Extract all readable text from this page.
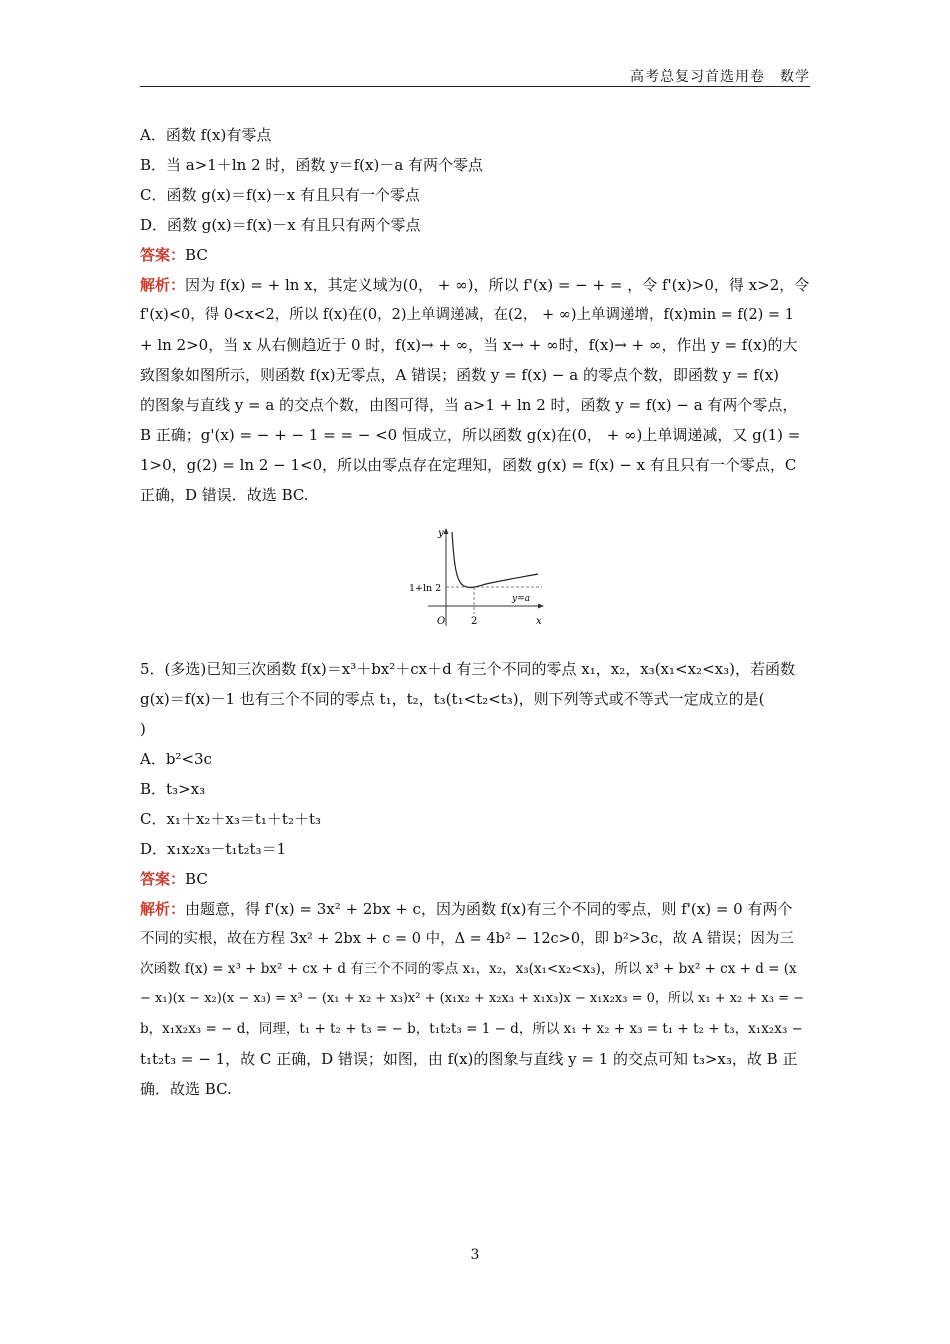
高考总复习首选用卷　数学
A．函数 f(x)有零点
B．当 a>1＋ln 2 时，函数 y＝f(x)－a 有两个零点
C．函数 g(x)＝f(x)－x 有且只有一个零点
D．函数 g(x)＝f(x)－x 有且只有两个零点
答案：BC
解析：因为 f(x) = + ln x，其定义域为(0， + ∞)，所以 f'(x) = − + = ，令 f'(x)>0，得 x>2，令
f'(x)<0，得 0<x<2，所以 f(x)在(0，2)上单调递减，在(2， + ∞)上单调递增，f(x)min = f(2) = 1
+ ln 2>0，当 x 从右侧趋近于 0 时，f(x)→ + ∞，当 x→ + ∞时，f(x)→ + ∞，作出 y = f(x)的大
致图象如图所示，则函数 f(x)无零点，A 错误；函数 y = f(x) − a 的零点个数，即函数 y = f(x)
的图象与直线 y = a 的交点个数，由图可得，当 a>1 + ln 2 时，函数 y = f(x) − a 有两个零点，
B 正确；g'(x) = − + − 1 = = − <0 恒成立，所以函数 g(x)在(0， + ∞)上单调递减，又 g(1) =
1>0，g(2) = ln 2 − 1<0，所以由零点存在定理知，函数 g(x) = f(x) − x 有且只有一个零点，C
正确，D 错误．故选 BC.
y
x
O	2
1+ln 2
y=a
5．(多选)已知三次函数 f(x)＝x³＋bx²＋cx＋d 有三个不同的零点 x₁，x₂，x₃(x₁<x₂<x₃)，若函数
g(x)＝f(x)－1 也有三个不同的零点 t₁，t₂，t₃(t₁<t₂<t₃)，则下列等式或不等式一定成立的是(
)
A．b²<3c
B．t₃>x₃
C．x₁＋x₂＋x₃＝t₁＋t₂＋t₃
D．x₁x₂x₃－t₁t₂t₃＝1
答案：BC
解析：由题意，得 f'(x) = 3x² + 2bx + c，因为函数 f(x)有三个不同的零点，则 f'(x) = 0 有两个
不同的实根，故在方程 3x² + 2bx + c = 0 中，Δ = 4b² − 12c>0，即 b²>3c，故 A 错误；因为三
次函数 f(x) = x³ + bx² + cx + d 有三个不同的零点 x₁，x₂，x₃(x₁<x₂<x₃)，所以 x³ + bx² + cx + d = (x
− x₁)(x − x₂)(x − x₃) = x³ − (x₁ + x₂ + x₃)x² + (x₁x₂ + x₂x₃ + x₁x₃)x − x₁x₂x₃ = 0，所以 x₁ + x₂ + x₃ = −
b，x₁x₂x₃ = − d，同理，t₁ + t₂ + t₃ = − b，t₁t₂t₃ = 1 − d，所以 x₁ + x₂ + x₃ = t₁ + t₂ + t₃，x₁x₂x₃ −
t₁t₂t₃ = − 1，故 C 正确，D 错误；如图，由 f(x)的图象与直线 y = 1 的交点可知 t₃>x₃，故 B 正
确．故选 BC.
3
